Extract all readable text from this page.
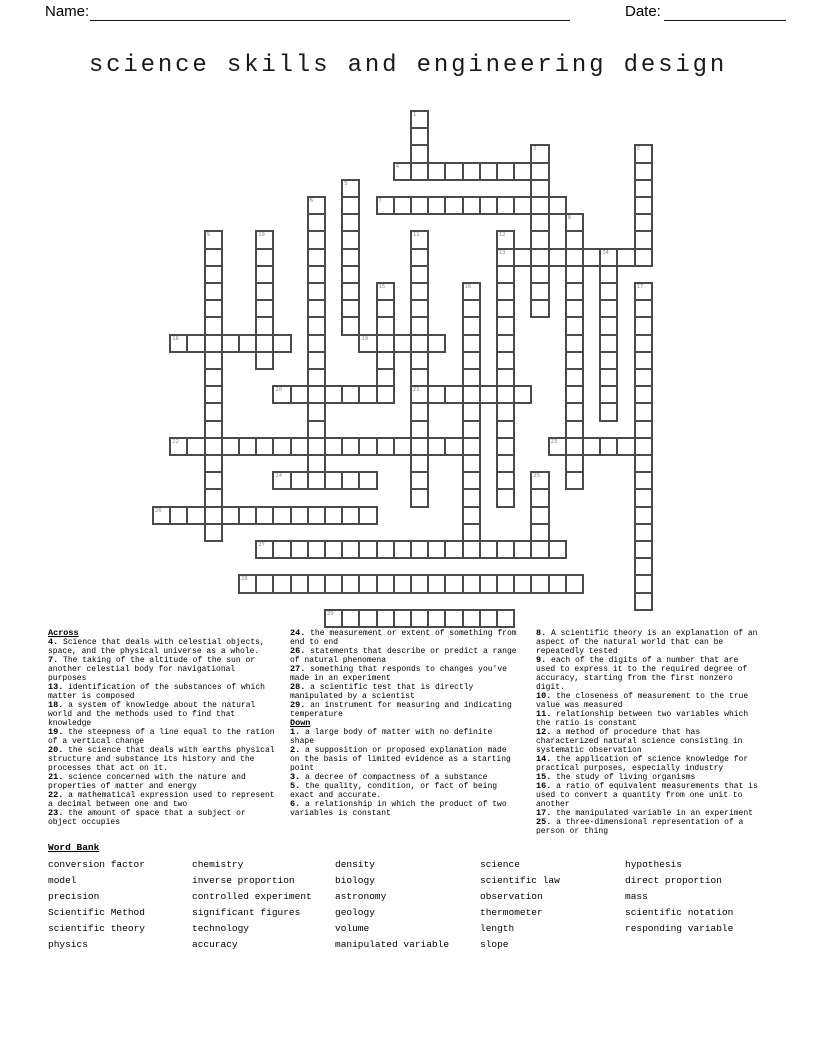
Name:	Date:
science skills and engineering design
1
2	3
4
5
6	7
8
9	10	11
21
12
13	14
15	16	17
18	19
20
22	23
24	25
26
27
28
29

Across

4. Science that deals with celestial objects, space, and the physical universe as a whole.

7. The taking of the altitude of the sun or another celestial body for navigational purposes

13. identification of the substances of which matter is composed

18. a system of knowledge about the natural world and the methods used to find that knowledge

19. the steepness of a line equal to the ration of a vertical change

20. the science that deals with earths physical structure and substance its history and the processes that act on it.

21. science concerned with the nature and properties of matter and energy

22. a mathematical expression used to represent a decimal between one and two

23. the amount of space that a subject or object occupies

24. the measurement or extent of something from end to end

26. statements that describe or predict a range of natural phenomena

27. something that responds to changes you've made in an experiment

28. a scientific test that is directly manipulated by a scientist

29. an instrument for measuring and indicating temperature

Down

1. a large body of matter with no definite shape

2. a supposition or proposed explanation made on the basis of limited evidence as a starting point

3. a decree of compactness of a substance

5. the quality, condition, or fact of being exact and accurate.

6. a relationship in which the product of two variables is constant

8. A scientific theory is an explanation of an aspect of the natural world that can be repeatedly tested

9. each of the digits of a number that are used to express it to the required degree of accuracy, starting from the first nonzero digit.

10. the closeness of measurement to the true value was measured

11. relationship between two variables which the ratio is constant

12. a method of procedure that has characterized natural science consisting in systematic observation

14. the application of science knowledge for practical purposes, especially industry

15. the study of living organisms

16. a ratio of equivalent measurements that is used to convert a quantity from one unit to another

17. the manipulated variable in an experiment

25. a three-dimensional representation of a person or thing

Word Bank
conversion factor	chemistry	density	science	hypothesis
model	inverse proportion	biology	scientific law	direct proportion
precision	controlled experiment	astronomy	observation	mass
Scientific Method	significant figures	geology	thermometer	scientific notation
scientific theory	technology	volume	length	responding variable
physics	accuracy	manipulated variable	slope
